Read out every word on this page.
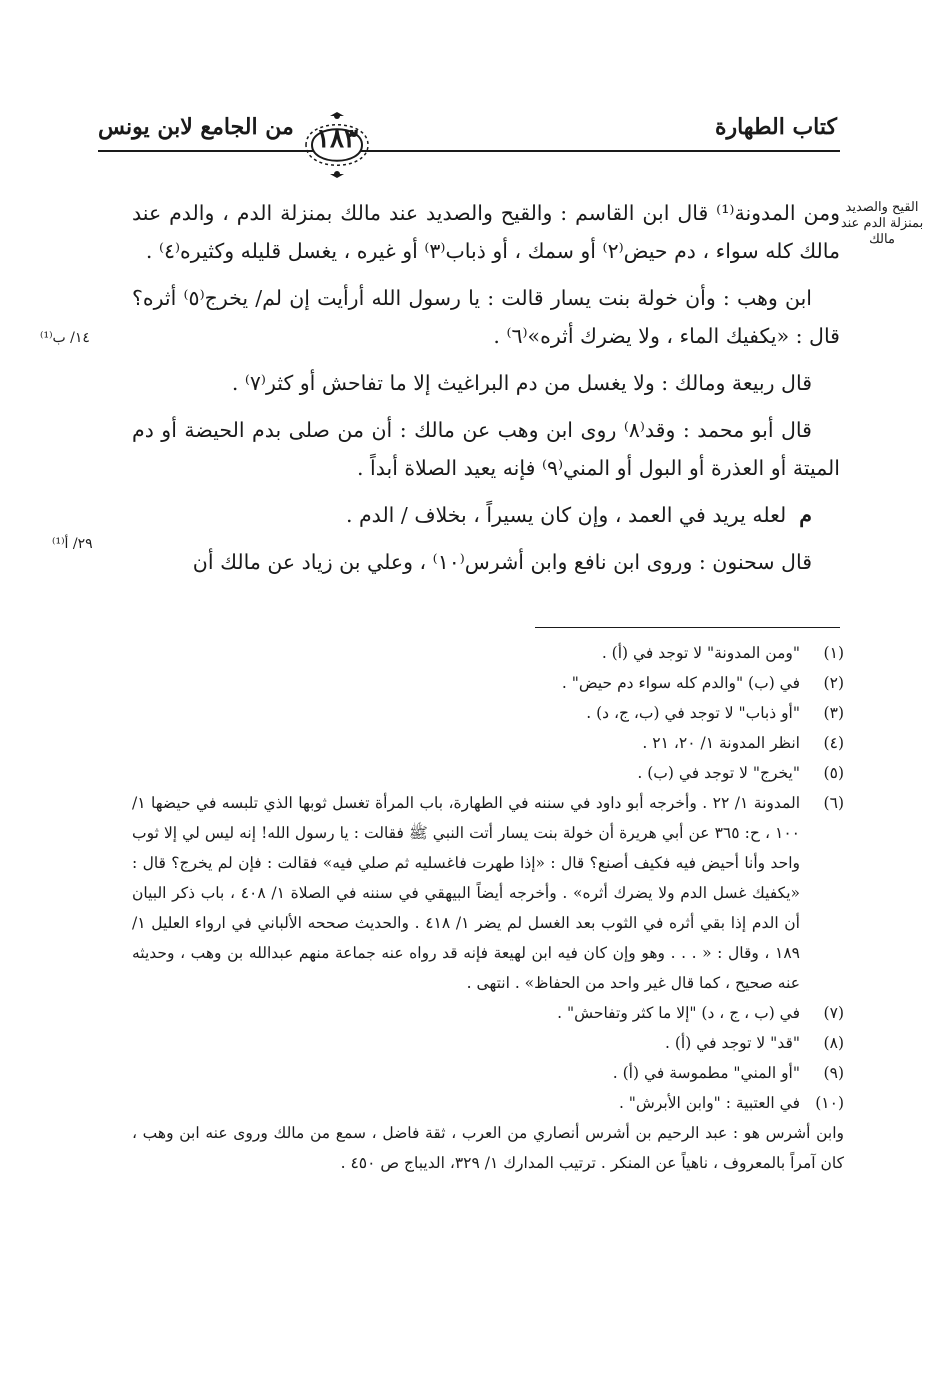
من الجامع لابن يونس	كتاب الطهارة
١٨٣
القيح والصديد بمنزلة الدم عند مالك
١٤/ ب⁽¹⁾
٢٩/ أ⁽¹⁾

ومن المدونة⁽¹⁾ قال ابن القاسم : والقيح والصديد عند مالك بمنزلة الدم ، والدم عند مالك كله سواء ، دم حيض⁽٢⁾ أو سمك ، أو ذباب⁽٣⁾ أو غيره ، يغسل قليله وكثيره⁽٤⁾ .

ابن وهب : وأن خولة بنت يسار قالت : يا رسول الله أرأيت إن لم/ يخرج⁽٥⁾ أثره؟ قال : «يكفيك الماء ، ولا يضرك أثره»⁽٦⁾ .

قال ربيعة ومالك : ولا يغسل من دم البراغيث إلا ما تفاحش أو كثر⁽٧⁾ .

قال أبو محمد : وقد⁽٨⁾ روى ابن وهب عن مالك : أن من صلى بدم الحيضة أو دم الميتة أو العذرة أو البول أو المني⁽٩⁾ فإنه يعيد الصلاة أبداً .

م  لعله يريد في العمد ، وإن كان يسيراً ، بخلاف / الدم .

قال سحنون : وروى ابن نافع وابن أشرس⁽١٠⁾ ، وعلي بن زياد عن مالك أن

(١)
"ومن المدونة" لا توجد في (أ) .
(٢)
في (ب) "والدم كله سواء دم حيض" .
(٣)
"أو ذباب" لا توجد في (ب، ج، د) .
(٤)
انظر المدونة ١/ ٢٠، ٢١ .
(٥)
"يخرج" لا توجد في (ب) .
(٦)
المدونة ١/ ٢٢ . وأخرجه أبو داود في سننه في الطهارة، باب المرأة تغسل ثوبها الذي تلبسه في حيضها ١/ ١٠٠ ، ح: ٣٦٥ عن أبي هريرة أن خولة بنت يسار أتت النبي ﷺ فقالت : يا رسول الله! إنه ليس لي إلا ثوب واحد وأنا أحيض فيه فكيف أصنع؟ قال : «إذا طهرت فاغسليه ثم صلي فيه» فقالت : فإن لم يخرج؟ قال : «يكفيك غسل الدم ولا يضرك أثره» . وأخرجه أيضاً البيهقي في سننه في الصلاة ١/ ٤٠٨ ، باب ذكر البيان أن الدم إذا بقي أثره في الثوب بعد الغسل لم يضر ١/ ٤١٨ . والحديث صححه الألباني في ارواء العليل ١/ ١٨٩ ، وقال : « . . . وهو وإن كان فيه ابن لهيعة فإنه قد رواه عنه جماعة منهم عبدالله بن وهب ، وحديثه عنه صحيح ، كما قال غير واحد من الحفاظ» . انتهى .
(٧)
في (ب ، ج ، د) "إلا ما كثر وتفاحش" .
(٨)
"قد" لا توجد في (أ) .
(٩)
"أو المني" مطموسة في (أ) .
(١٠)
في العتبية : "وابن الأبرش" .

وابن أشرس هو : عبد الرحيم بن أشرس أنصاري من العرب ، ثقة فاضل ، سمع من مالك وروى عنه ابن وهب ، كان آمراً بالمعروف ، ناهياً عن المنكر . ترتيب المدارك ١/ ٣٢٩، الديباج ص ٤٥٠ .
